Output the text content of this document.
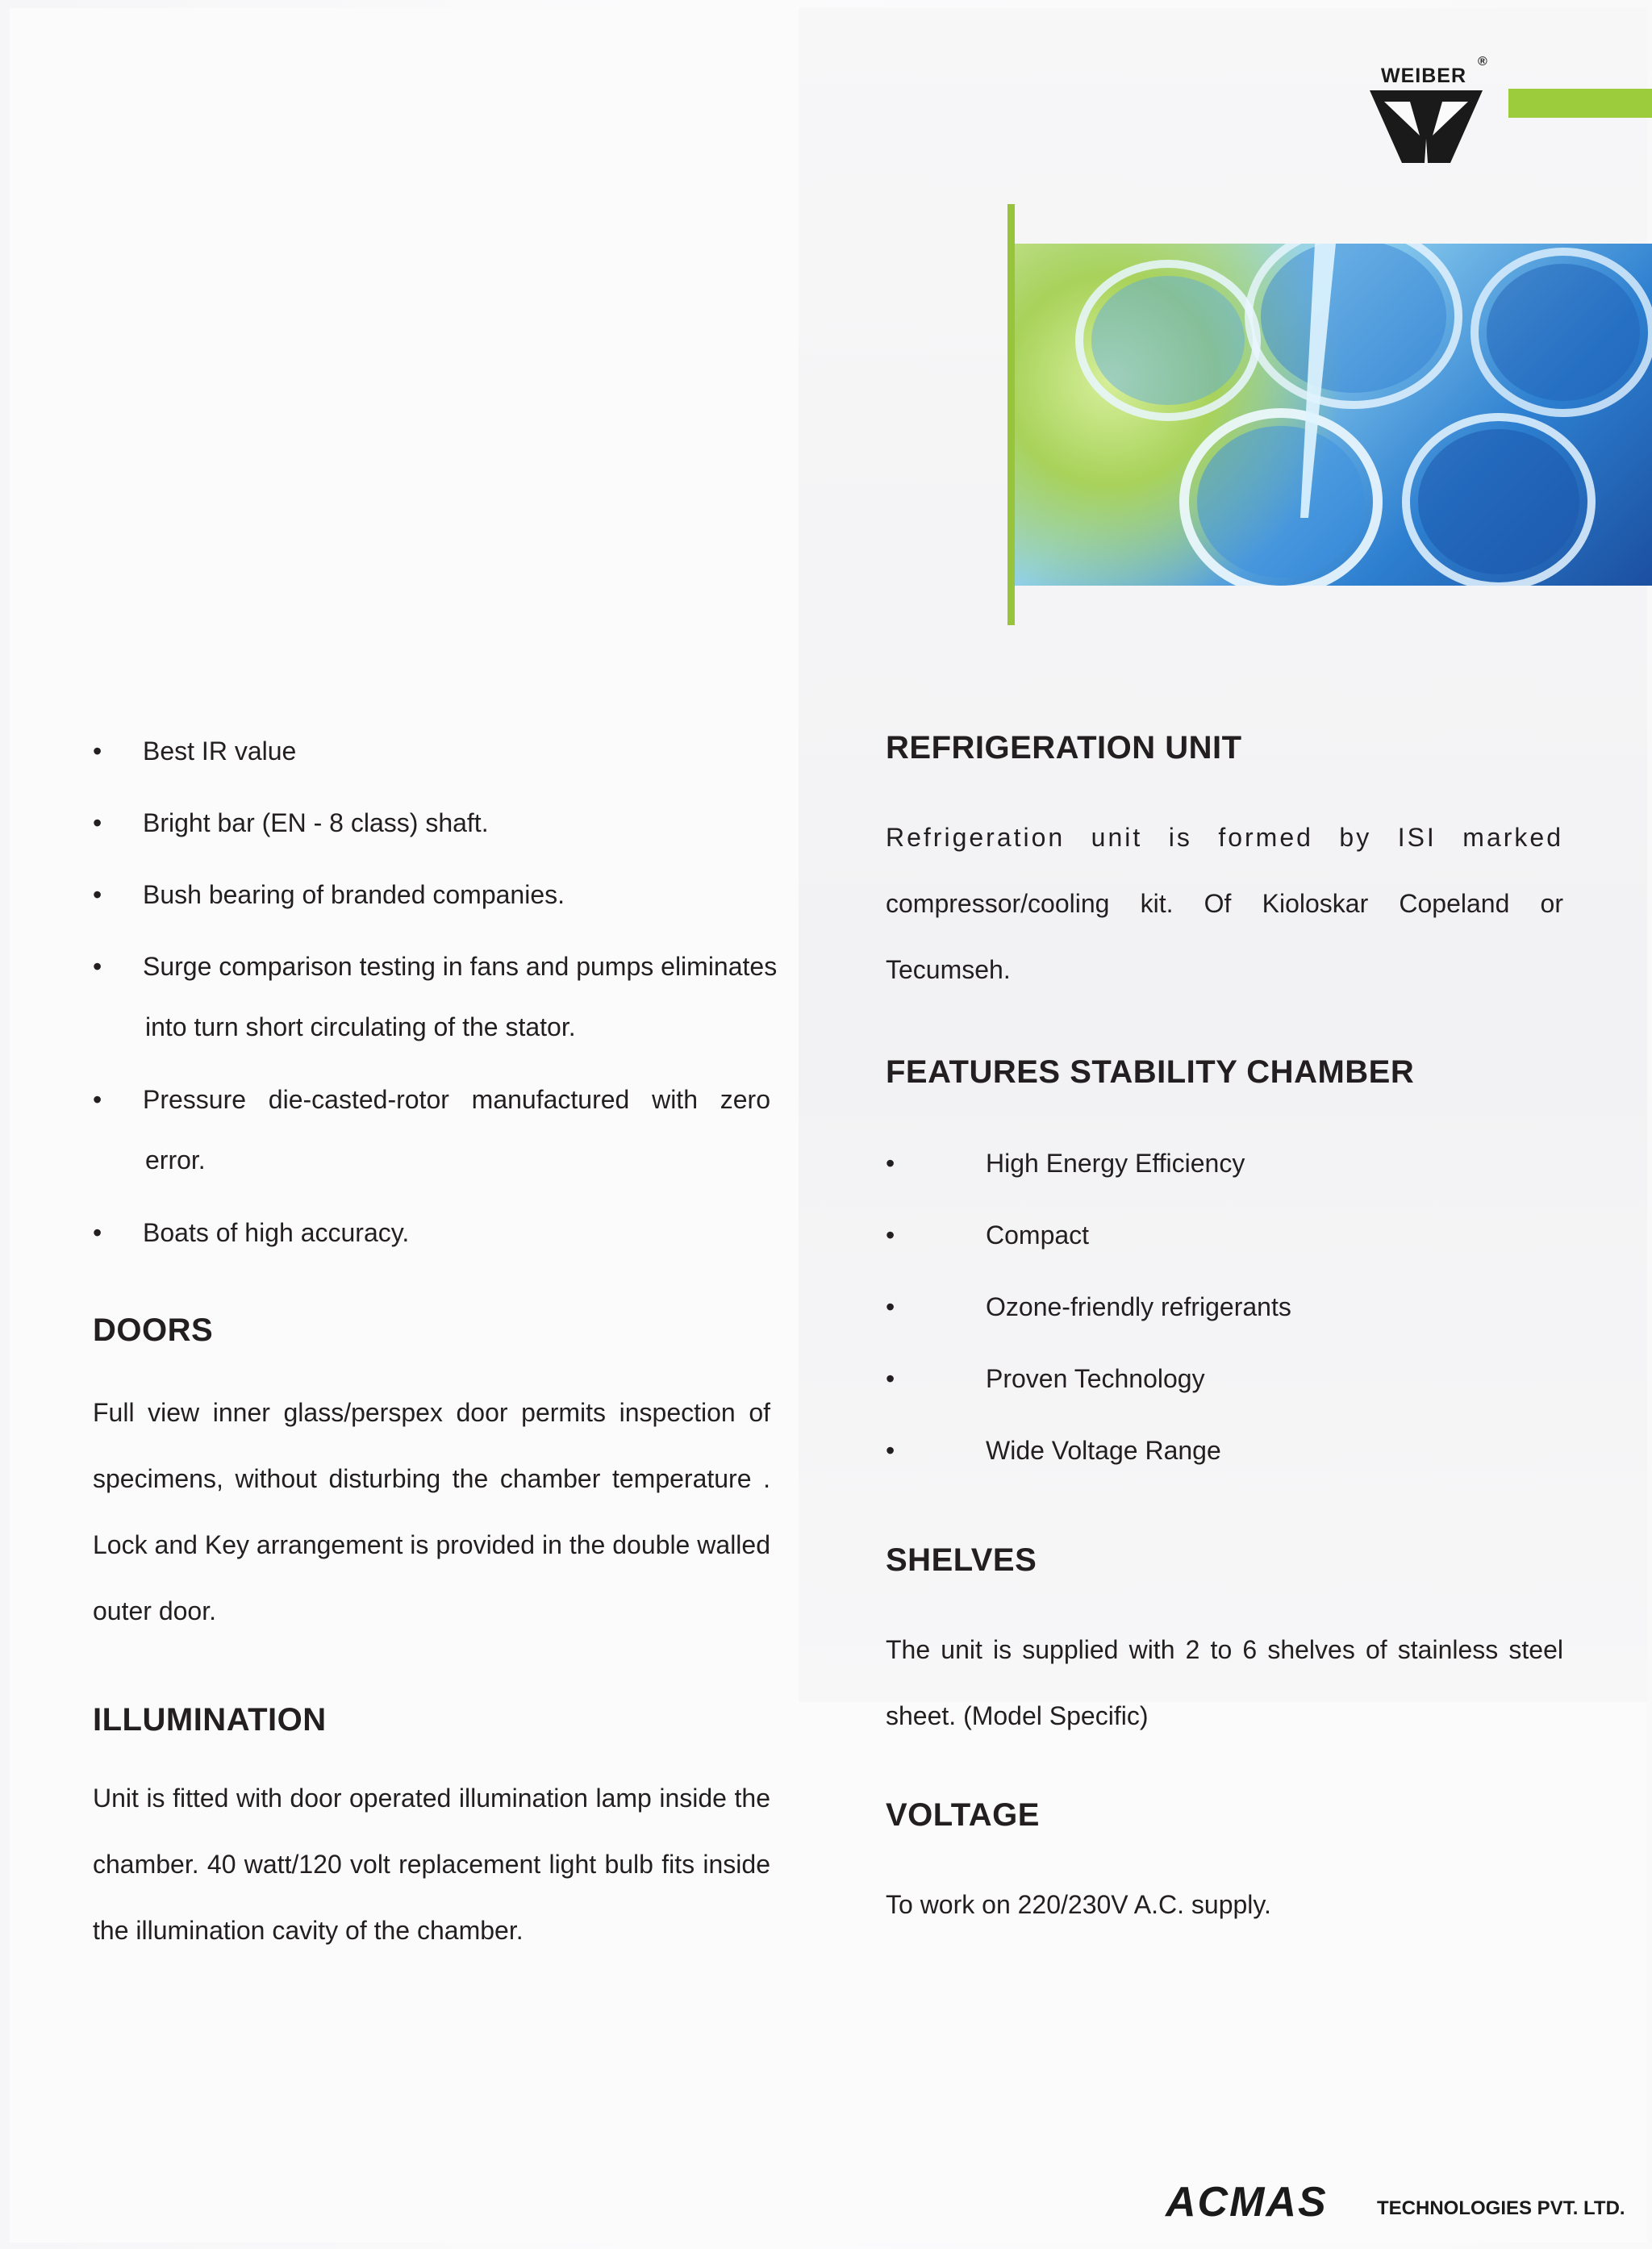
WEIBER
®
• Best IR value
• Bright bar (EN - 8 class) shaft.
• Bush bearing of branded companies.
• Surge comparison testing in fans and pumps eliminates
into turn short circulating of the stator.
• Pressure die-casted-rotor manufactured with zero
error.
• Boats of high accuracy.
DOORS
Full view inner glass/perspex door permits inspection of
specimens, without disturbing the chamber temperature .
Lock and Key arrangement is provided in the double walled
outer door.
ILLUMINATION
Unit is fitted with door operated illumination lamp inside the
chamber. 40 watt/120 volt replacement light bulb fits inside
the illumination cavity of the chamber.
REFRIGERATION UNIT
Refrigeration unit is formed by ISI marked
compressor/cooling kit. Of Kioloskar Copeland or
Tecumseh.
FEATURES STABILITY CHAMBER
•	High Energy Efficiency
•	Compact
•	Ozone-friendly refrigerants
•	Proven Technology
•	Wide Voltage Range
SHELVES
The unit is supplied with 2 to 6 shelves of stainless steel
sheet. (Model Specific)
VOLTAGE
To work on 220/230V A.C. supply.
ACMAS	TECHNOLOGIES PVT. LTD.
